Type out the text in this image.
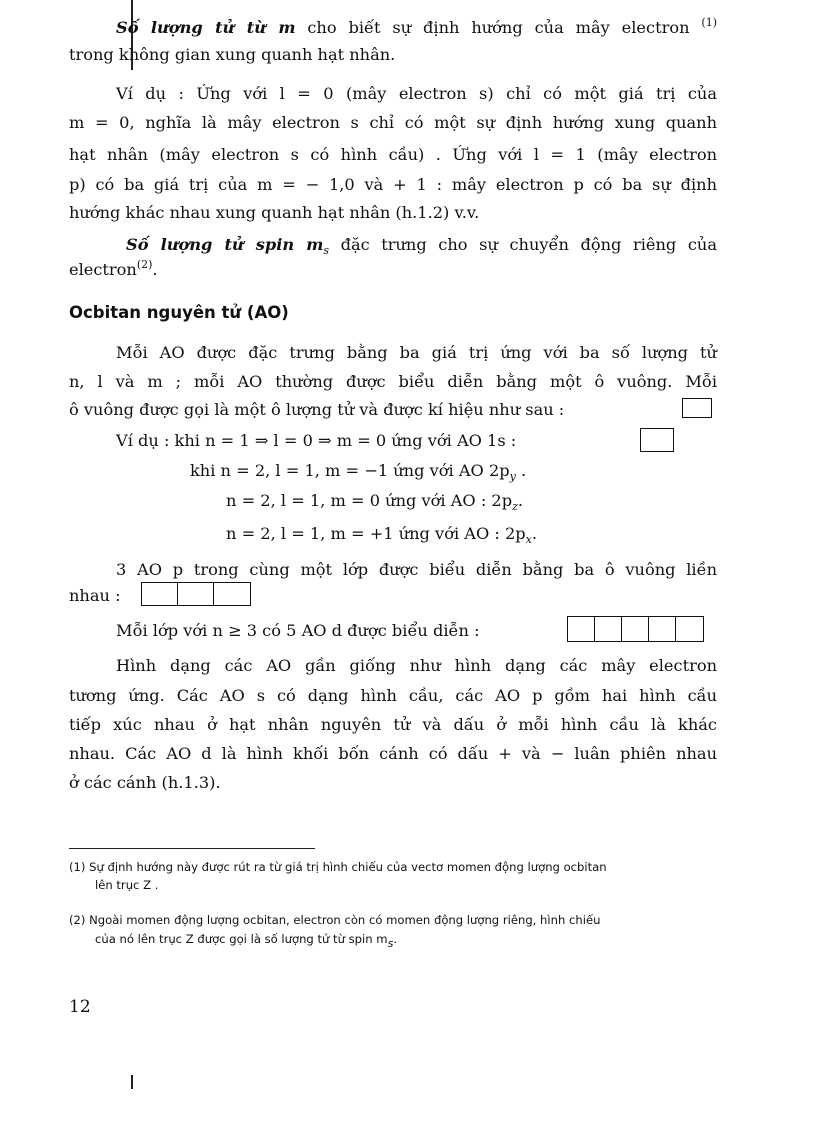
Số lượng tử từ m cho biết sự định hướng của mây electron $^{(1)}$
trong không gian xung quanh hạt nhân.
Ví dụ : Ứng với l = 0 (mây electron s) chỉ có một giá trị của
m = 0, nghĩa là mây electron s chỉ có một sự định hướng xung quanh
hạt nhân (mây electron s có hình cầu) . Ứng với l = 1 (mây electron
p) có ba giá trị của m = − 1,0 và + 1 : mây electron p có ba sự định
hướng khác nhau xung quanh hạt nhân (h.1.2) v.v.
Số lượng tử spin $m_s$ đặc trưng cho sự chuyển động riêng của
electron$^{(2)}$.
Ocbitan nguyên tử (AO)
Mỗi AO được đặc trưng bằng ba giá trị ứng với ba số lượng tử
n, l và m ; mỗi AO thường được biểu diễn bằng một ô vuông. Mỗi
ô vuông được gọi là một ô lượng tử và được kí hiệu như sau :
Ví dụ : khi n = 1 ⇒ l = 0 ⇒ m = 0 ứng với AO 1s :
khi n = 2, l = 1, m = −1 ứng với AO $2p_y$ .
n = 2, l = 1, m = 0 ứng với AO : $2p_z$.
n = 2, l = 1, m = +1 ứng với AO : $2p_x$.
3 AO p trong cùng một lớp được biểu diễn bằng ba ô vuông liền
nhau :
Mỗi lớp với n ≥ 3 có 5 AO d được biểu diễn :
Hình dạng các AO gần giống như hình dạng các mây electron
tương ứng. Các AO s có dạng hình cầu, các AO p gồm hai hình cầu
tiếp xúc nhau ở hạt nhân nguyên tử và dấu ở mỗi hình cầu là khác
nhau. Các AO d là hình khối bốn cánh có dấu + và − luân phiên nhau
ở các cánh (h.1.3).
(1) Sự định hướng này được rút ra từ giá trị hình chiếu của vectơ momen động lượng ocbitan
lên trục Z .
(2) Ngoài momen động lượng ocbitan, electron còn có momen động lượng riêng, hình chiếu
của nó lên trục Z được gọi là số lượng tử từ spin $m_s$.
12
